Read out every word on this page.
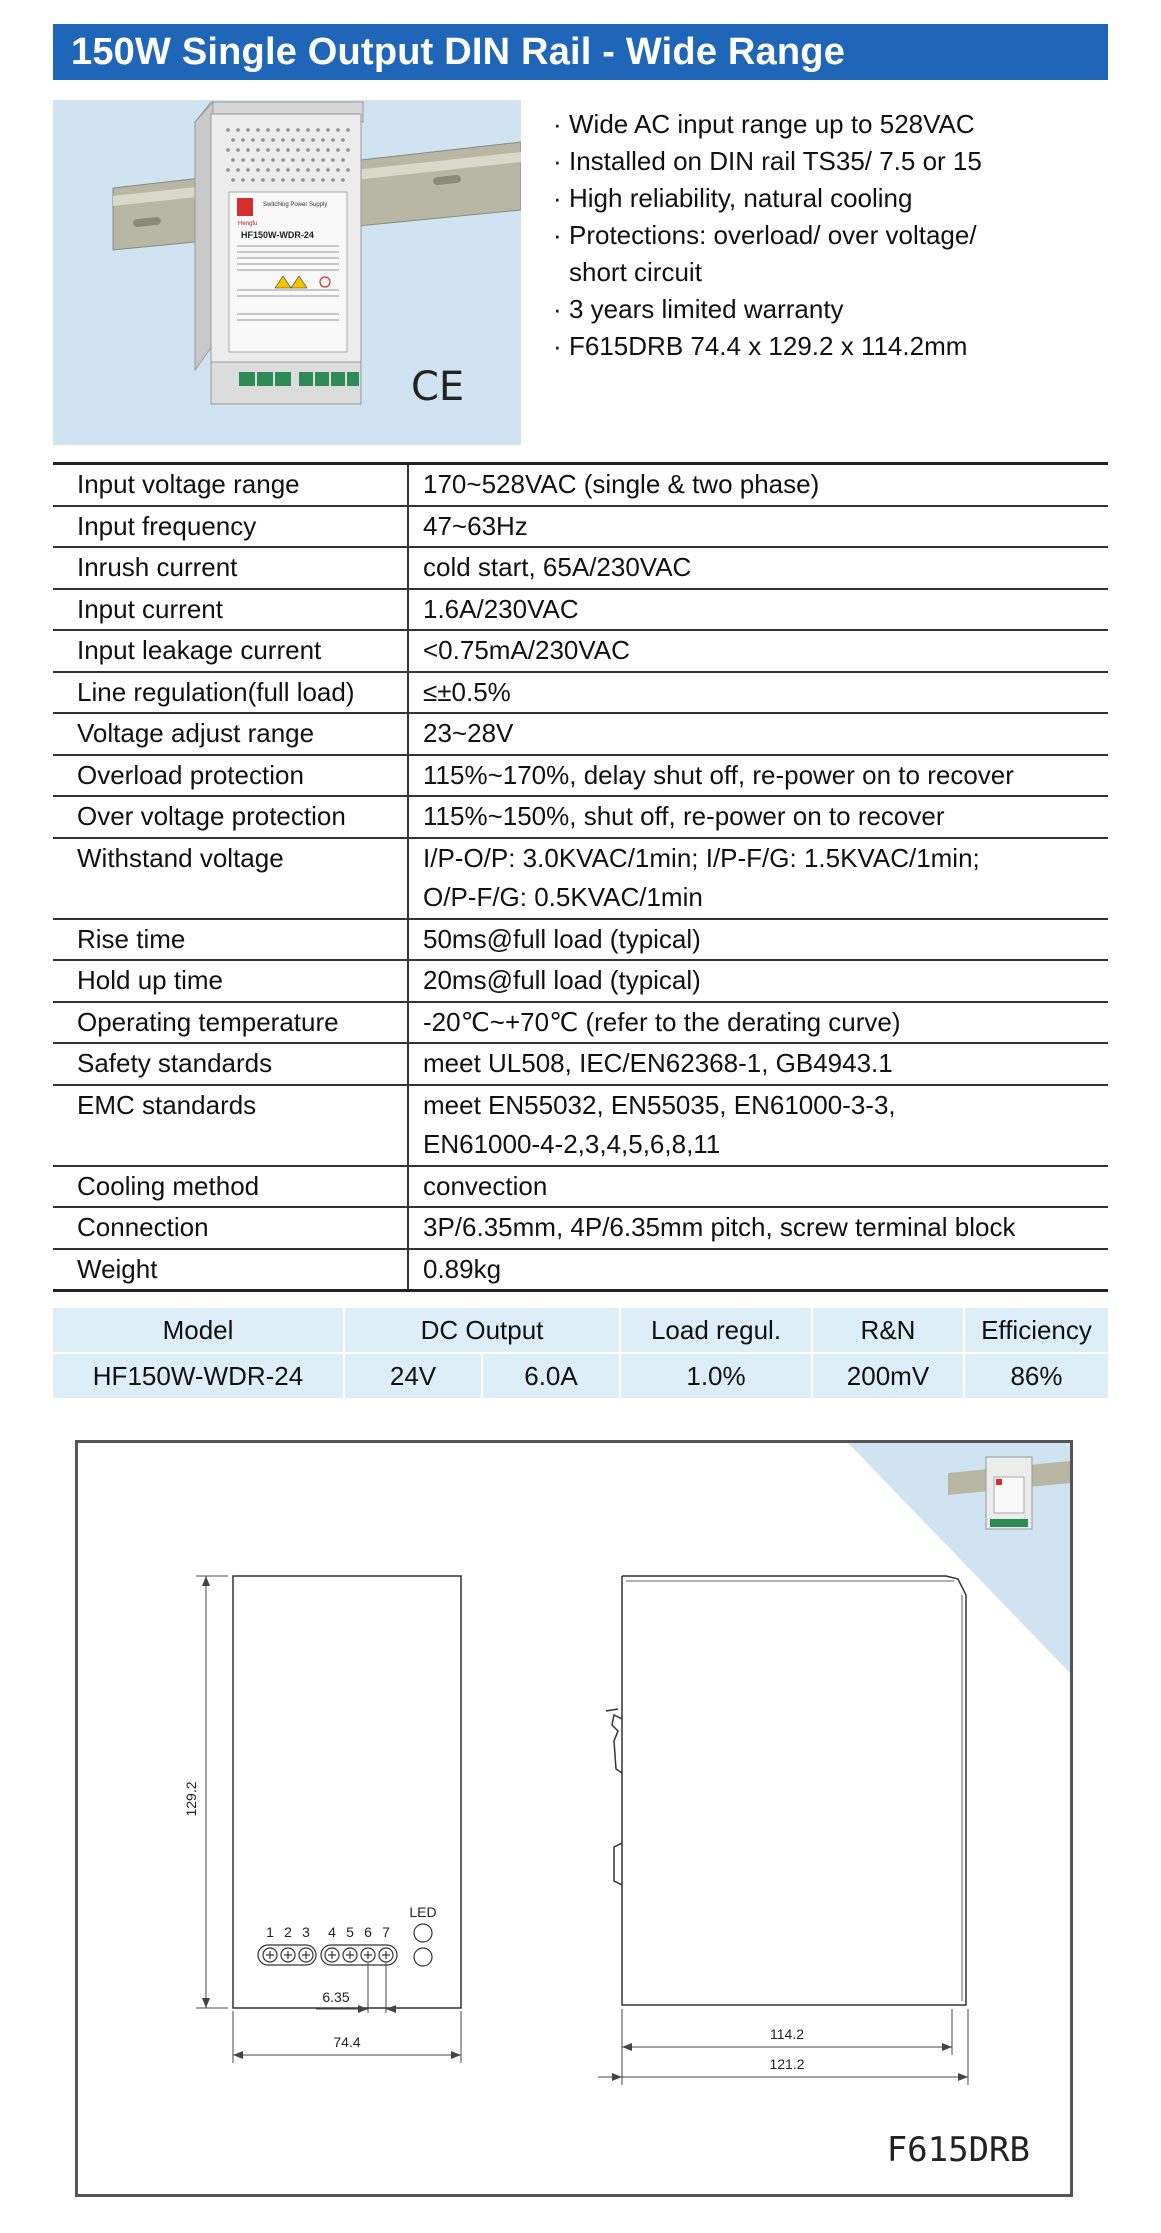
150W Single Output DIN Rail - Wide Range
Hengfu
Switching Power Supply
HF150W-WDR-24
CE
· Wide AC input range up to 528VAC
· Installed on DIN rail TS35/ 7.5 or 15
· High reliability, natural cooling
· Protections: overload/ over voltage/
short circuit
· 3 years limited warranty
· F615DRB 74.4 x 129.2 x 114.2mm
Input voltage range	170~528VAC (single & two phase)
Input frequency	47~63Hz
Inrush current	cold start, 65A/230VAC
Input current	1.6A/230VAC
Input leakage current	<0.75mA/230VAC
Line regulation(full load)	≤±0.5%
Voltage adjust range	23~28V
Overload protection	115%~170%, delay shut off, re-power on to recover
Over voltage protection	115%~150%, shut off, re-power on to recover
Withstand voltage	I/P-O/P: 3.0KVAC/1min; I/P-F/G: 1.5KVAC/1min;
O/P-F/G: 0.5KVAC/1min

Rise time	50ms@full load (typical)
Hold up time	20ms@full load (typical)
Operating temperature	-20℃~+70℃ (refer to the derating curve)
Safety standards	meet UL508, IEC/EN62368-1, GB4943.1
EMC standards	meet EN55032, EN55035, EN61000-3-3,
EN61000-4-2,3,4,5,6,8,11

Cooling method	convection
Connection	3P/6.35mm, 4P/6.35mm pitch, screw terminal block
Weight	0.89kg
Model	DC Output		Load regul.	R&N	Efficiency
HF150W-WDR-24	24V	6.0A	1.0%	200mV	86%
129.2
74.4
1 2 3 4 5 6 7
LED
6.35
114.2
121.2
F615DRB
